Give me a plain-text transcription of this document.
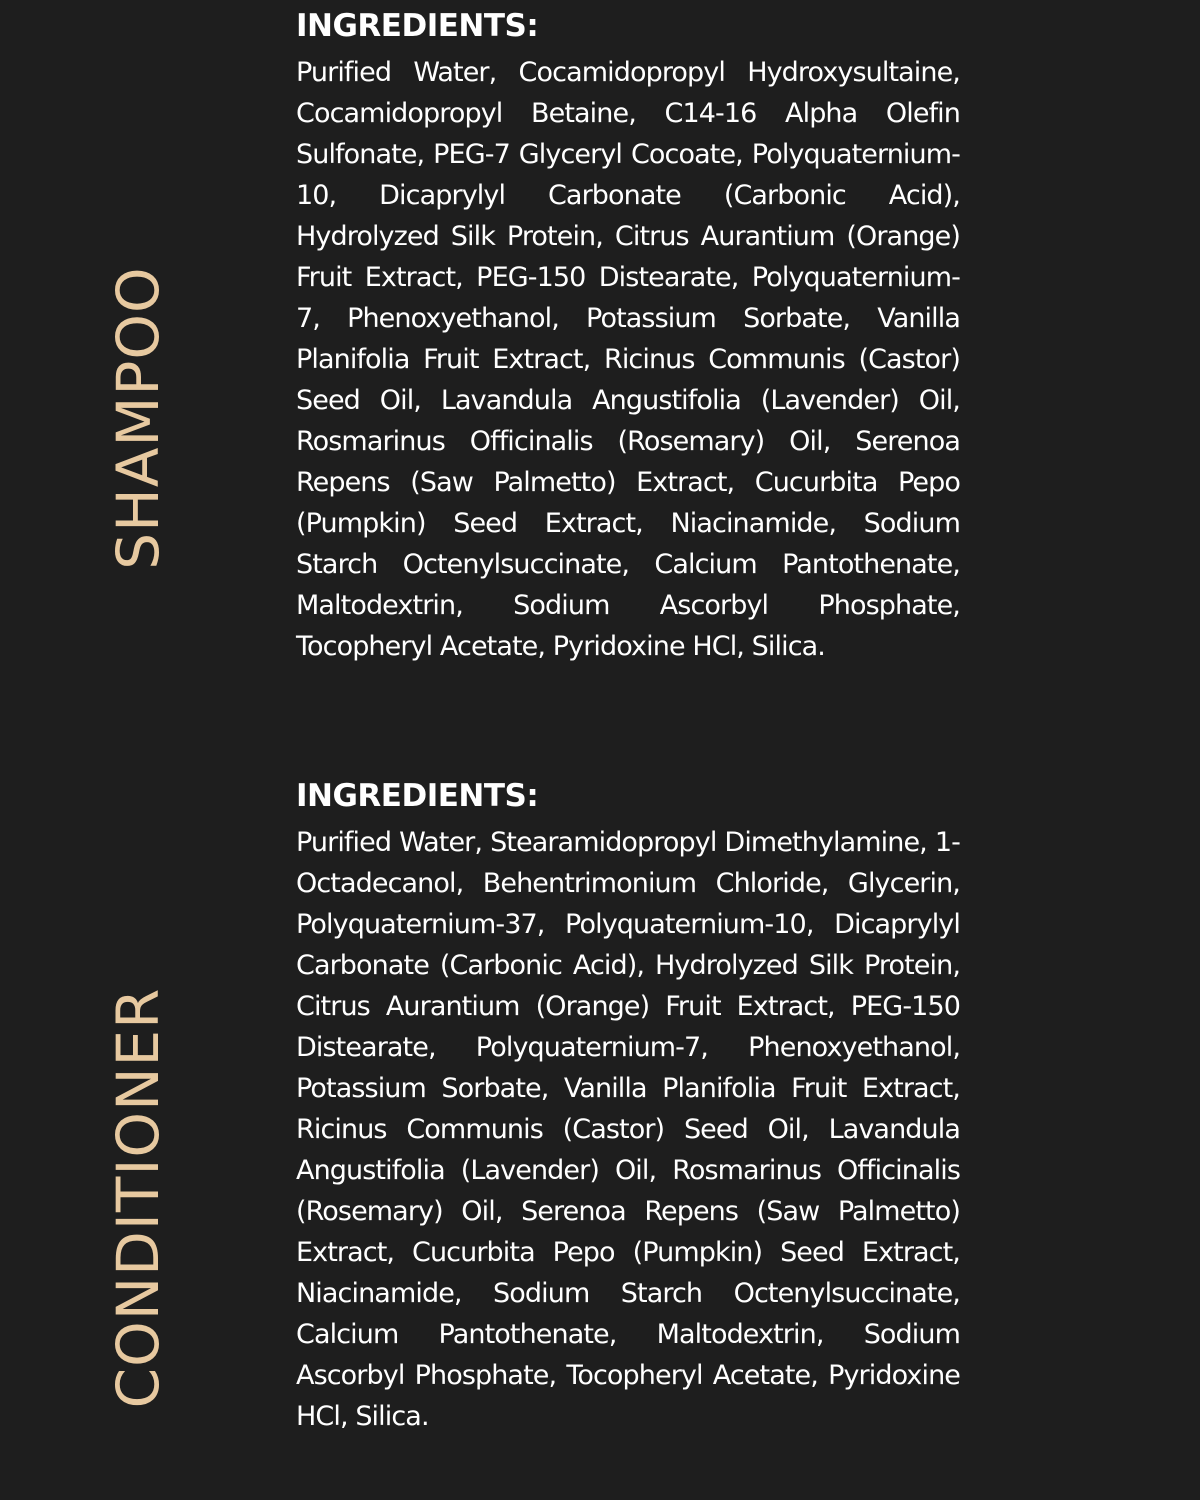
SHAMPOO
INGREDIENTS:

Purified Water, Cocamidopropyl Hydroxysultaine, Cocamidopropyl Betaine, C14-16 Alpha Olefin Sulfonate, PEG-7 Glyceryl Cocoate, Polyquaternium-10, Dicaprylyl Carbonate (Carbonic Acid), Hydrolyzed Silk Protein, Citrus Aurantium (Orange) Fruit Extract, PEG-150 Distearate, Polyquaternium-7, Phenoxyethanol, Potassium Sorbate, Vanilla Planifolia Fruit Extract, Ricinus Communis (Castor) Seed Oil, Lavandula Angustifolia (Lavender) Oil, Rosmarinus Officinalis (Rosemary) Oil, Serenoa Repens (Saw Palmetto) Extract, Cucurbita Pepo (Pumpkin) Seed Extract, Niacinamide, Sodium Starch Octenylsuccinate, Calcium Pantothenate, Maltodextrin, Sodium Ascorbyl Phosphate, Tocopheryl Acetate, Pyridoxine HCl, Silica.

CONDITIONER
INGREDIENTS:

Purified Water, Stearamidopropyl Dimethylamine, 1-Octadecanol, Behentrimonium Chloride, Glycerin, Polyquaternium-37, Polyquaternium-10, Dicaprylyl Carbonate (Carbonic Acid), Hydrolyzed Silk Protein, Citrus Aurantium (Orange) Fruit Extract, PEG-150 Distearate, Polyquaternium-7, Phenoxyethanol, Potassium Sorbate, Vanilla Planifolia Fruit Extract, Ricinus Communis (Castor) Seed Oil, Lavandula Angustifolia (Lavender) Oil, Rosmarinus Officinalis (Rosemary) Oil, Serenoa Repens (Saw Palmetto) Extract, Cucurbita Pepo (Pumpkin) Seed Extract, Niacinamide, Sodium Starch Octenylsuccinate, Calcium Pantothenate, Maltodextrin, Sodium Ascorbyl Phosphate, Tocopheryl Acetate, Pyridoxine HCl, Silica.
